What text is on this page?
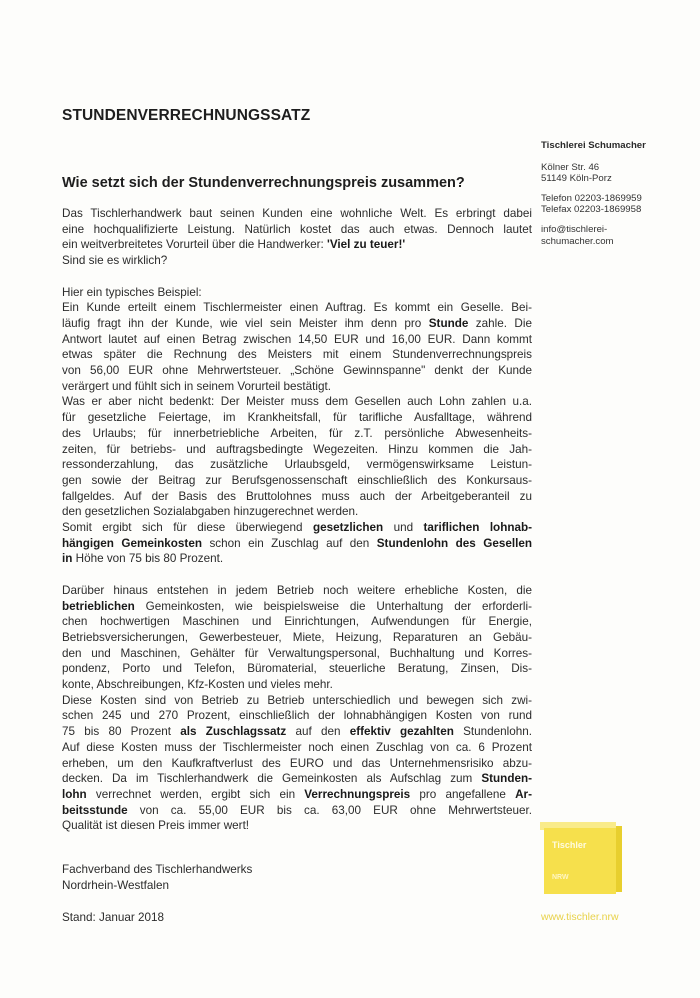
STUNDENVERRECHNUNGSSATZ
Wie setzt sich der Stundenverrechnungspreis zusammen?
Das Tischlerhandwerk baut seinen Kunden eine wohnliche Welt. Es erbringt dabei
eine hochqualifizierte Leistung. Natürlich kostet das auch etwas. Dennoch lautet
ein weitverbreitetes Vorurteil über die Handwerker: 'Viel zu teuer!'
Sind sie es wirklich?
Hier ein typisches Beispiel:
Ein Kunde erteilt einem Tischlermeister einen Auftrag. Es kommt ein Geselle. Bei-
läufig fragt ihn der Kunde, wie viel sein Meister ihm denn pro Stunde zahle. Die
Antwort lautet auf einen Betrag zwischen 14,50 EUR und 16,00 EUR. Dann kommt
etwas später die Rechnung des Meisters mit einem Stundenverrechnungspreis
von 56,00 EUR ohne Mehrwertsteuer. „Schöne Gewinnspanne" denkt der Kunde
verärgert und fühlt sich in seinem Vorurteil bestätigt.
Was er aber nicht bedenkt: Der Meister muss dem Gesellen auch Lohn zahlen u.a.
für gesetzliche Feiertage, im Krankheitsfall, für tarifliche Ausfalltage, während
des Urlaubs; für innerbetriebliche Arbeiten, für z.T. persönliche Abwesenheits-
zeiten, für betriebs- und auftragsbedingte Wegezeiten. Hinzu kommen die Jah-
ressonderzahlung, das zusätzliche Urlaubsgeld, vermögenswirksame Leistun-
gen sowie der Beitrag zur Berufsgenossenschaft einschließlich des Konkursaus-
fallgeldes. Auf der Basis des Bruttolohnes muss auch der Arbeitgeberanteil zu
den gesetzlichen Sozialabgaben hinzugerechnet werden.
Somit ergibt sich für diese überwiegend gesetzlichen und tariflichen lohnab-
hängigen Gemeinkosten schon ein Zuschlag auf den Stundenlohn des Gesellen
in Höhe von 75 bis 80 Prozent.
Darüber hinaus entstehen in jedem Betrieb noch weitere erhebliche Kosten, die
betrieblichen Gemeinkosten, wie beispielsweise die Unterhaltung der erforderli-
chen hochwertigen Maschinen und Einrichtungen, Aufwendungen für Energie,
Betriebsversicherungen, Gewerbesteuer, Miete, Heizung, Reparaturen an Gebäu-
den und Maschinen, Gehälter für Verwaltungspersonal, Buchhaltung und Korres-
pondenz, Porto und Telefon, Büromaterial, steuerliche Beratung, Zinsen, Dis-
konte, Abschreibungen, Kfz-Kosten und vieles mehr.
Diese Kosten sind von Betrieb zu Betrieb unterschiedlich und bewegen sich zwi-
schen 245 und 270 Prozent, einschließlich der lohnabhängigen Kosten von rund
75 bis 80 Prozent als Zuschlagssatz auf den effektiv gezahlten Stundenlohn.
Auf diese Kosten muss der Tischlermeister noch einen Zuschlag von ca. 6 Prozent
erheben, um den Kaufkraftverlust des EURO und das Unternehmensrisiko abzu-
decken. Da im Tischlerhandwerk die Gemeinkosten als Aufschlag zum Stunden-
lohn verrechnet werden, ergibt sich ein Verrechnungspreis pro angefallene Ar-
beitsstunde von ca. 55,00 EUR bis ca. 63,00 EUR ohne Mehrwertsteuer.
Qualität ist diesen Preis immer wert!
Tischlerei Schumacher
Kölner Str. 46
51149 Köln-Porz
Telefon 02203-1869959
Telefax 02203-1869958
info@tischlerei-
schumacher.com
Fachverband des Tischlerhandwerks
Nordrhein-Westfalen
Stand: Januar 2018
Tischler
NRW
www.tischler.nrw
